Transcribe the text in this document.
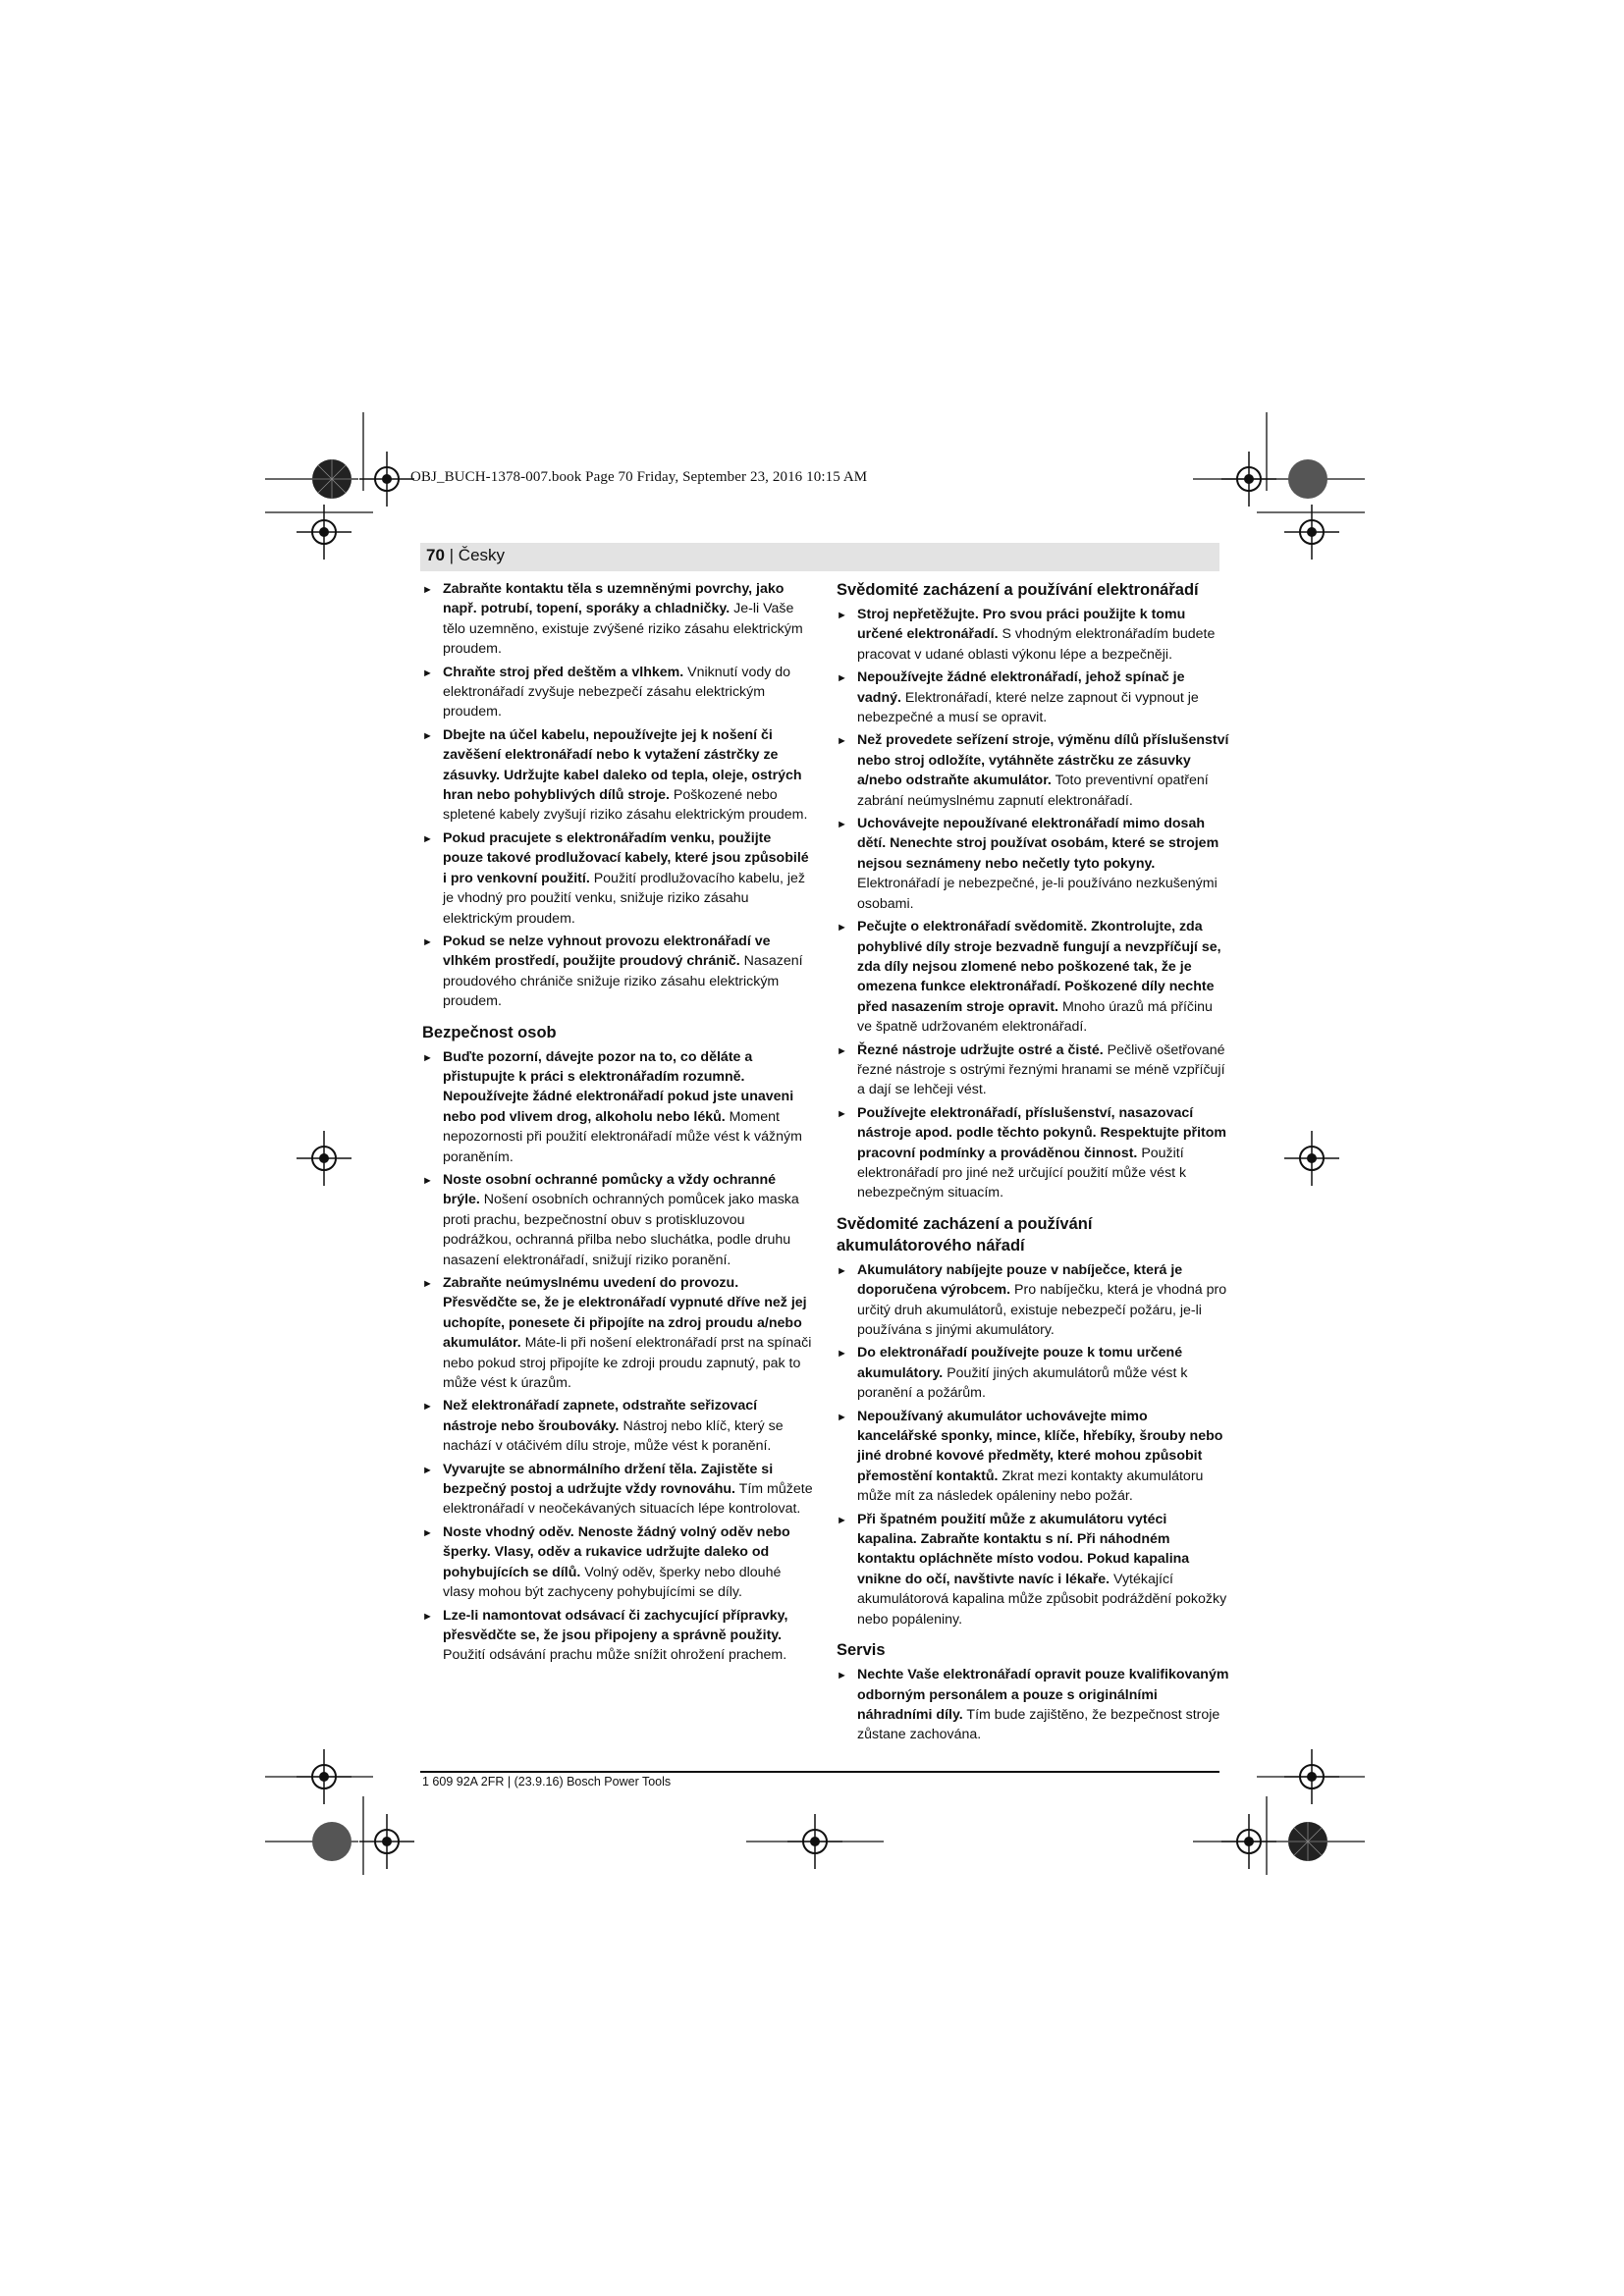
OBJ_BUCH-1378-007.book Page 70 Friday, September 23, 2016 10:15 AM
70 | Česky
► Zabraňte kontaktu těla s uzemněnými povrchy, jako např. potrubí, topení, sporáky a chladničky. Je-li Vaše tělo uzemněno, existuje zvýšené riziko zásahu elektrickým proudem.
► Chraňte stroj před deštěm a vlhkem. Vniknutí vody do elektronářadí zvyšuje nebezpečí zásahu elektrickým proudem.
► Dbejte na účel kabelu, nepoužívejte jej k nošení či zavěšení elektronářadí nebo k vytažení zástrčky ze zásuvky. Udržujte kabel daleko od tepla, oleje, ostrých hran nebo pohyblivých dílů stroje. Poškozené nebo spletené kabely zvyšují riziko zásahu elektrickým proudem.
► Pokud pracujete s elektronářadím venku, použijte pouze takové prodlužovací kabely, které jsou způsobilé i pro venkovní použití. Použití prodlužovacího kabelu, jež je vhodný pro použití venku, snižuje riziko zásahu elektrickým proudem.
► Pokud se nelze vyhnout provozu elektronářadí ve vlhkém prostředí, použijte proudový chránič. Nasazení proudového chrániče snižuje riziko zásahu elektrickým proudem.
Bezpečnost osob
► Buďte pozorní, dávejte pozor na to, co děláte a přistupujte k práci s elektronářadím rozumně. Nepoužívejte žádné elektronářadí pokud jste unaveni nebo pod vlivem drog, alkoholu nebo léků. Moment nepozornosti při použití elektronářadí může vést k vážným poraněním.
► Noste osobní ochranné pomůcky a vždy ochranné brýle. Nošení osobních ochranných pomůcek jako maska proti prachu, bezpečnostní obuv s protiskluzovou podrážkou, ochranná přilba nebo sluchátka, podle druhu nasazení elektronářadí, snižují riziko poranění.
► Zabraňte neúmyslnému uvedení do provozu. Přesvědčte se, že je elektronářadí vypnuté dříve než jej uchopíte, ponesete či připojíte na zdroj proudu a/nebo akumulátor. Máte-li při nošení elektronářadí prst na spínači nebo pokud stroj připojíte ke zdroji proudu zapnutý, pak to může vést k úrazům.
► Než elektronářadí zapnete, odstraňte seřizovací nástroje nebo šroubováky. Nástroj nebo klíč, který se nachází v otáčivém dílu stroje, může vést k poranění.
► Vyvarujte se abnormálního držení těla. Zajistěte si bezpečný postoj a udržujte vždy rovnováhu. Tím můžete elektronářadí v neočekávaných situacích lépe kontrolovat.
► Noste vhodný oděv. Nenoste žádný volný oděv nebo šperky. Vlasy, oděv a rukavice udržujte daleko od pohybujících se dílů. Volný oděv, šperky nebo dlouhé vlasy mohou být zachyceny pohybujícími se díly.
► Lze-li namontovat odsávací či zachycující přípravky, přesvědčte se, že jsou připojeny a správně použity. Použití odsávání prachu může snížit ohrožení prachem.
Svědomité zacházení a používání elektronářadí
► Stroj nepřetěžujte. Pro svou práci použijte k tomu určené elektronářadí. S vhodným elektronářadím budete pracovat v udané oblasti výkonu lépe a bezpečněji.
► Nepoužívejte žádné elektronářadí, jehož spínač je vadný. Elektronářadí, které nelze zapnout či vypnout je nebezpečné a musí se opravit.
► Než provedete seřízení stroje, výměnu dílů příslušenství nebo stroj odložíte, vytáhněte zástrčku ze zásuvky a/nebo odstraňte akumulátor. Toto preventivní opatření zabrání neúmyslnému zapnutí elektronářadí.
► Uchovávejte nepoužívané elektronářadí mimo dosah dětí. Nenechte stroj používat osobám, které se strojem nejsou seznámeny nebo nečetly tyto pokyny. Elektronářadí je nebezpečné, je-li používáno nezkušenými osobami.
► Pečujte o elektronářadí svědomitě. Zkontrolujte, zda pohyblivé díly stroje bezvadně fungují a nevzpříčují se, zda díly nejsou zlomené nebo poškozené tak, že je omezena funkce elektronářadí. Poškozené díly nechte před nasazením stroje opravit. Mnoho úrazů má příčinu ve špatně udržovaném elektronářadí.
► Řezné nástroje udržujte ostré a čisté. Pečlivě ošetřované řezné nástroje s ostrými řeznými hranami se méně vzpříčují a dají se lehčeji vést.
► Používejte elektronářadí, příslušenství, nasazovací nástroje apod. podle těchto pokynů. Respektujte přitom pracovní podmínky a prováděnou činnost. Použití elektronářadí pro jiné než určující použití může vést k nebezpečným situacím.
Svědomité zacházení a používání akumulátorového nářadí
► Akumulátory nabíjejte pouze v nabíječce, která je doporučena výrobcem. Pro nabíječku, která je vhodná pro určitý druh akumulátorů, existuje nebezpečí požáru, je-li používána s jinými akumulátory.
► Do elektronářadí používejte pouze k tomu určené akumulátory. Použití jiných akumulátorů může vést k poranění a požárům.
► Nepoužívaný akumulátor uchovávejte mimo kancelářské sponky, mince, klíče, hřebíky, šrouby nebo jiné drobné kovové předměty, které mohou způsobit přemostění kontaktů. Zkrat mezi kontakty akumulátoru může mít za následek opáleniny nebo požár.
► Při špatném použití může z akumulátoru vytéci kapalina. Zabraňte kontaktu s ní. Při náhodném kontaktu opláchněte místo vodou. Pokud kapalina vnikne do očí, navštivte navíc i lékaře. Vytékající akumulátorová kapalina může způsobit podráždění pokožky nebo popáleniny.
Servis
► Nechte Vaše elektronářadí opravit pouze kvalifikovaným odborným personálem a pouze s originálními náhradními díly. Tím bude zajištěno, že bezpečnost stroje zůstane zachována.
1 609 92A 2FR | (23.9.16) Bosch Power Tools
